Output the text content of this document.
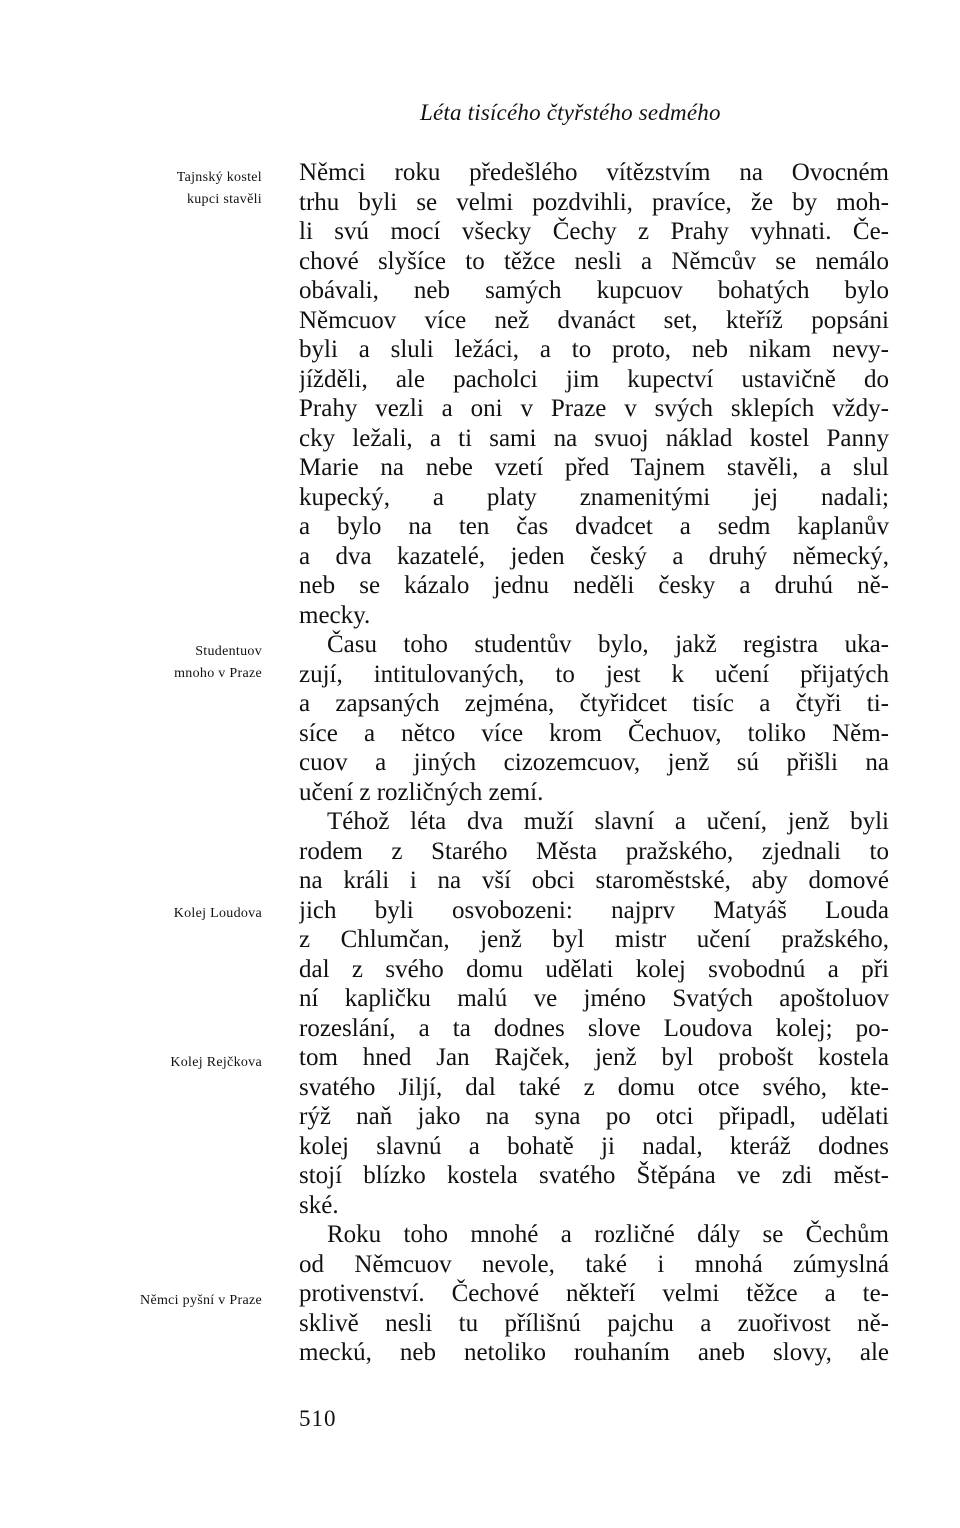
Léta tisícého čtyřstého sedmého
Tajnský kostel
kupci stavěli
Studentuov
mnoho v Praze
Kolej Loudova
Kolej Rejčkova
Němci pyšní v Praze
Němci roku předešlého vítězstvím na Ovocném
trhu byli se velmi pozdvihli, pravíce, že by moh-
li svú mocí všecky Čechy z Prahy vyhnati. Če-
chové slyšíce to těžce nesli a Němcův se nemálo
obávali, neb samých kupcuov bohatých bylo
Němcuov více než dvanáct set, kteříž popsáni
byli a sluli ležáci, a to proto, neb nikam nevy-
jížděli, ale pacholci jim kupectví ustavičně do
Prahy vezli a oni v Praze v svých sklepích vždy-
cky ležali, a ti sami na svuoj náklad kostel Panny
Marie na nebe vzetí před Tajnem stavěli, a slul
kupecký, a platy znamenitými jej nadali;
a bylo na ten čas dvadcet a sedm kaplanův
a dva kazatelé, jeden český a druhý německý,
neb se kázalo jednu neděli česky a druhú ně-
mecky.
Času toho studentův bylo, jakž registra uka-
zují, intitulovaných, to jest k učení přijatých
a zapsaných zejména, čtyřidcet tisíc a čtyři ti-
síce a nětco více krom Čechuov, toliko Něm-
cuov a jiných cizozemcuov, jenž sú přišli na
učení z rozličných zemí.
Téhož léta dva muží slavní a učení, jenž byli
rodem z Starého Města pražského, zjednali to
na králi i na vší obci staroměstské, aby domové
jich byli osvobozeni: najprv Matyáš Louda
z Chlumčan, jenž byl mistr učení pražského,
dal z svého domu udělati kolej svobodnú a při
ní kapličku malú ve jméno Svatých apoštoluov
rozeslání, a ta dodnes slove Loudova kolej; po-
tom hned Jan Rajček, jenž byl probošt kostela
svatého Jiljí, dal také z domu otce svého, kte-
rýž naň jako na syna po otci připadl, udělati
kolej slavnú a bohatě ji nadal, kteráž dodnes
stojí blízko kostela svatého Štěpána ve zdi měst-
ské.
Roku toho mnohé a rozličné dály se Čechům
od Němcuov nevole, také i mnohá zúmyslná
protivenství. Čechové někteří velmi těžce a te-
sklivě nesli tu přílišnú pajchu a zuořivost ně-
meckú, neb netoliko rouhaním aneb slovy, ale
510
